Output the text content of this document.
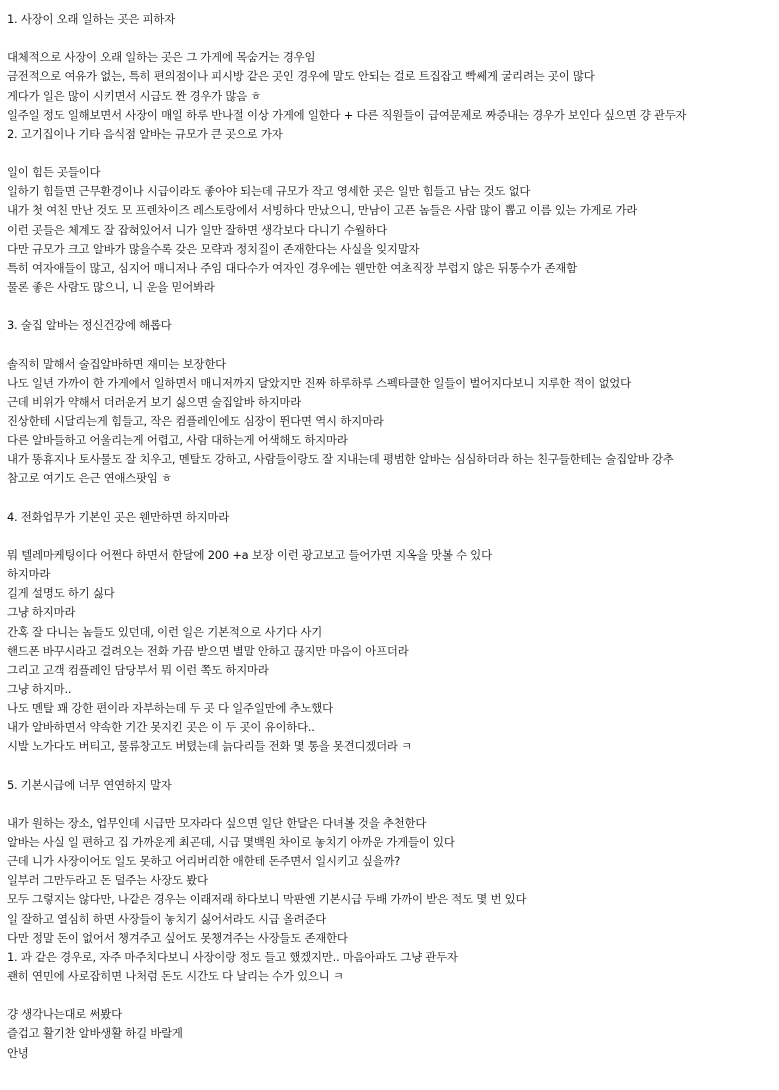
1. 사장이 오래 일하는 곳은 피하자
대체적으로 사장이 오래 일하는 곳은 그 가게에 목숨거는 경우임
금전적으로 여유가 없는, 특히 편의점이나 피시방 같은 곳인 경우에 말도 안되는 걸로 트집잡고 빡쎄게 굴리려는 곳이 많다
게다가 일은 많이 시키면서 시급도 짠 경우가 많음 ㅎ
일주일 정도 일해보면서 사장이 매일 하루 반나절 이상 가게에 일한다 + 다른 직원들이 급여문제로 짜증내는 경우가 보인다 싶으면 걍 관두자
2. 고기집이나 기타 음식점 알바는 규모가 큰 곳으로 가자
일이 힘든 곳들이다
일하기 힘들면 근무환경이나 시급이라도 좋아야 되는데 규모가 작고 영세한 곳은 일만 힘들고 남는 것도 없다
내가 첫 여친 만난 것도 모 프렌차이즈 레스토랑에서 서빙하다 만났으니, 만남이 고픈 놈들은 사람 많이 뽑고 이름 있는 가게로 가라
이런 곳들은 체계도 잘 잡혀있어서 니가 일만 잘하면 생각보다 다니기 수월하다
다만 규모가 크고 알바가 많을수록 갖은 모략과 정치질이 존재한다는 사실을 잊지말자
특히 여자애들이 많고, 심지어 매니저나 주임 대다수가 여자인 경우에는 웬만한 여초직장 부럽지 않은 뒤통수가 존재함
물론 좋은 사람도 많으니, 니 운을 믿어봐라
3. 술집 알바는 정신건강에 해롭다
솔직히 말해서 술집알바하면 재미는 보장한다
나도 일년 가까이 한 가게에서 일하면서 매니저까지 달았지만 진짜 하루하루 스펙타클한 일들이 벌어지다보니 지루한 적이 없었다
근데 비위가 약해서 더러운거 보기 싫으면 술집알바 하지마라
진상한테 시달리는게 힘들고, 작은 컴플레인에도 심장이 뛴다면 역시 하지마라
다른 알바들하고 어울리는게 어렵고, 사람 대하는게 어색해도 하지마라
내가 똥휴지나 토사물도 잘 치우고, 멘탈도 강하고, 사람들이랑도 잘 지내는데 평범한 알바는 심심하더라 하는 친구들한테는 술집알바 강추
참고로 여기도 은근 연애스팟임 ㅎ
4. 전화업무가 기본인 곳은 웬만하면 하지마라
뭐 텔레마케팅이다 어쩐다 하면서 한달에 200 +a 보장 이런 광고보고 들어가면 지옥을 맛볼 수 있다
하지마라
길게 설명도 하기 싫다
그냥 하지마라
간혹 잘 다니는 놈들도 있던데, 이런 일은 기본적으로 사기다 사기
핸드폰 바꾸시라고 걸려오는 전화 가끔 받으면 별말 안하고 끊지만 마음이 아프더라
그리고 고객 컴플레인 담당부서 뭐 이런 쪽도 하지마라
그냥 하지마..
나도 멘탈 꽤 강한 편이라 자부하는데 두 곳 다 일주일만에 추노했다
내가 알바하면서 약속한 기간 못지킨 곳은 이 두 곳이 유이하다..
시발 노가다도 버티고, 물류창고도 버텼는데 늙다리들 전화 몇 통을 못견디겠더라 ㅋ
5. 기본시급에 너무 연연하지 말자
내가 원하는 장소, 업무인데 시급만 모자라다 싶으면 일단 한달은 다녀볼 것을 추천한다
알바는 사실 일 편하고 집 가까운게 최곤데, 시급 몇백원 차이로 놓치기 아까운 가게들이 있다
근데 니가 사장이어도 일도 못하고 어리버리한 애한테 돈주면서 일시키고 싶을까?
일부러 그만두라고 돈 덜주는 사장도 봤다
모두 그렇지는 않다만, 나같은 경우는 이래저래 하다보니 막판엔 기본시급 두배 가까이 받은 적도 몇 번 있다
일 잘하고 열심히 하면 사장들이 놓치기 싫어서라도 시급 올려준다
다만 정말 돈이 없어서 챙겨주고 싶어도 못챙겨주는 사장들도 존재한다
1. 과 같은 경우로, 자주 마주치다보니 사장이랑 정도 들고 했겠지만.. 마음아파도 그냥 관두자
괜히 연민에 사로잡히면 나처럼 돈도 시간도 다 날리는 수가 있으니 ㅋ
걍 생각나는대로 써봤다
즐겁고 활기찬 알바생활 하길 바랄게
안녕
